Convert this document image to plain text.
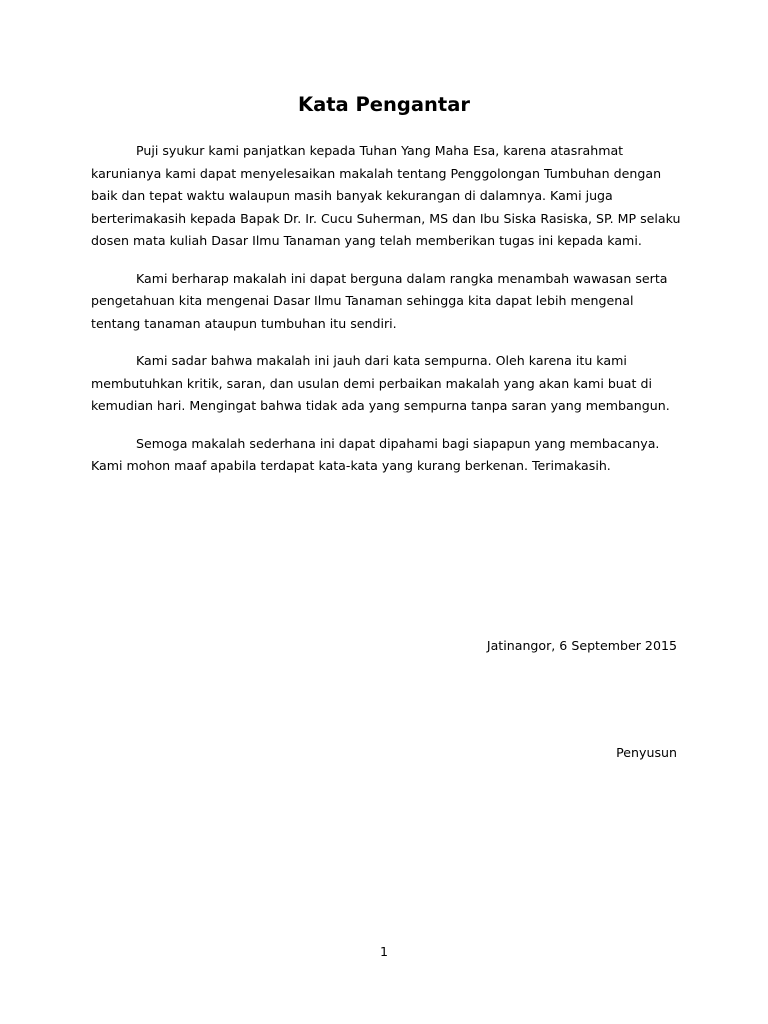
Kata Pengantar

Puji syukur kami panjatkan kepada Tuhan Yang Maha Esa, karena atasrahmat
karunianya kami dapat menyelesaikan makalah tentang Penggolongan Tumbuhan dengan
baik dan tepat waktu walaupun masih banyak kekurangan di dalamnya. Kami juga
berterimakasih kepada Bapak Dr. Ir. Cucu Suherman, MS dan Ibu Siska Rasiska, SP. MP selaku
dosen mata kuliah Dasar Ilmu Tanaman yang telah memberikan tugas ini kepada kami.

Kami berharap makalah ini dapat berguna dalam rangka menambah wawasan serta
pengetahuan kita mengenai Dasar Ilmu Tanaman sehingga kita dapat lebih mengenal
tentang tanaman ataupun tumbuhan itu sendiri.

Kami sadar bahwa makalah ini jauh dari kata sempurna. Oleh karena itu kami
membutuhkan kritik, saran, dan usulan demi perbaikan makalah yang akan kami buat di
kemudian hari. Mengingat bahwa tidak ada yang sempurna tanpa saran yang membangun.

Semoga makalah sederhana ini dapat dipahami bagi siapapun yang membacanya.
Kami mohon maaf apabila terdapat kata-kata yang kurang berkenan. Terimakasih.

Jatinangor, 6 September 2015
Penyusun
1
